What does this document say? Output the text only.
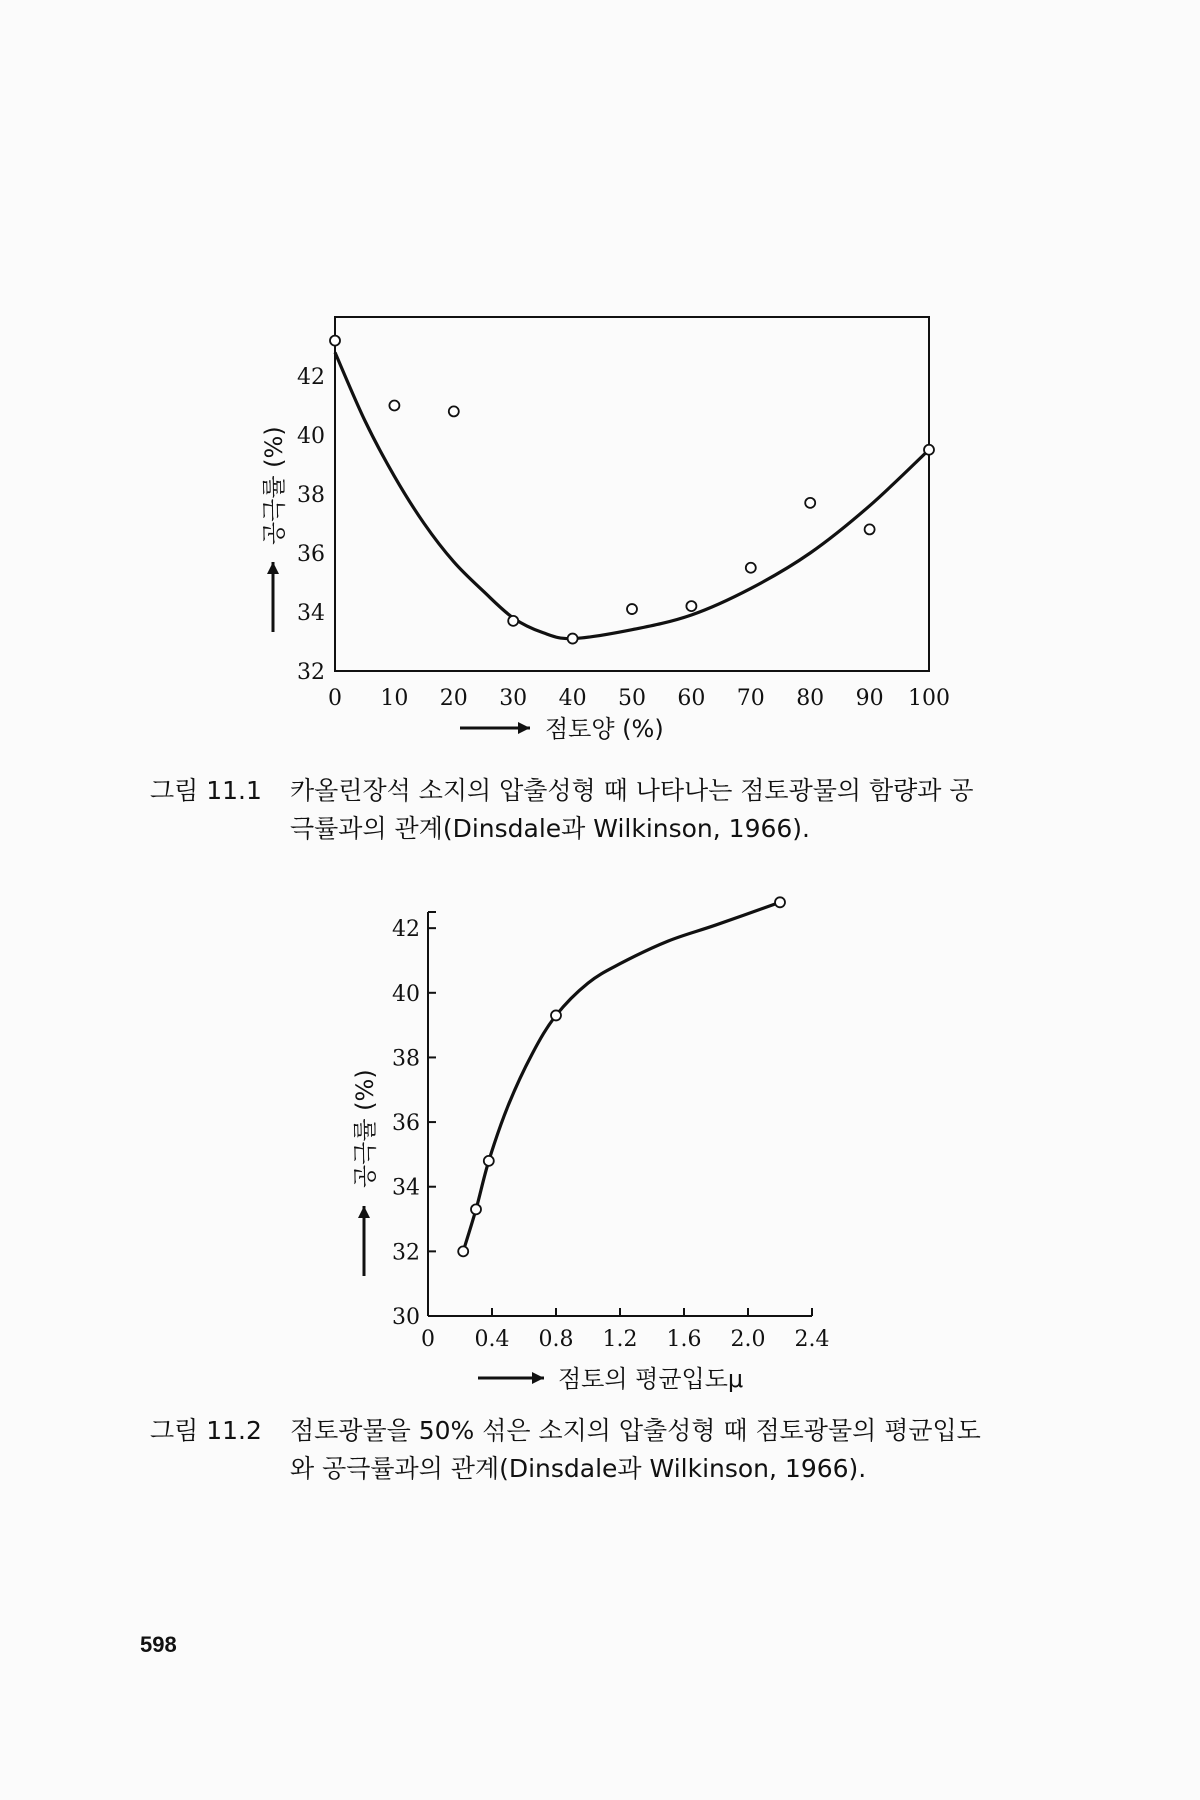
0 10 20 30 40 50 60 70 80 90 100
32
34
36
38
40
42
점토양 (%)
공극률 (%)
그림 11.1 카올린장석 소지의 압출성형 때 나타나는 점토광물의 함량과 공
극률과의 관계(Dinsdale과 Wilkinson, 1966).
0 0.4 0.8 1.2 1.6 2.0 2.4
30
32
34
36
38
40
42
점토의 평균입도μ
공극률 (%)
그림 11.2 점토광물을 50% 섞은 소지의 압출성형 때 점토광물의 평균입도
와 공극률과의 관계(Dinsdale과 Wilkinson, 1966).
598
